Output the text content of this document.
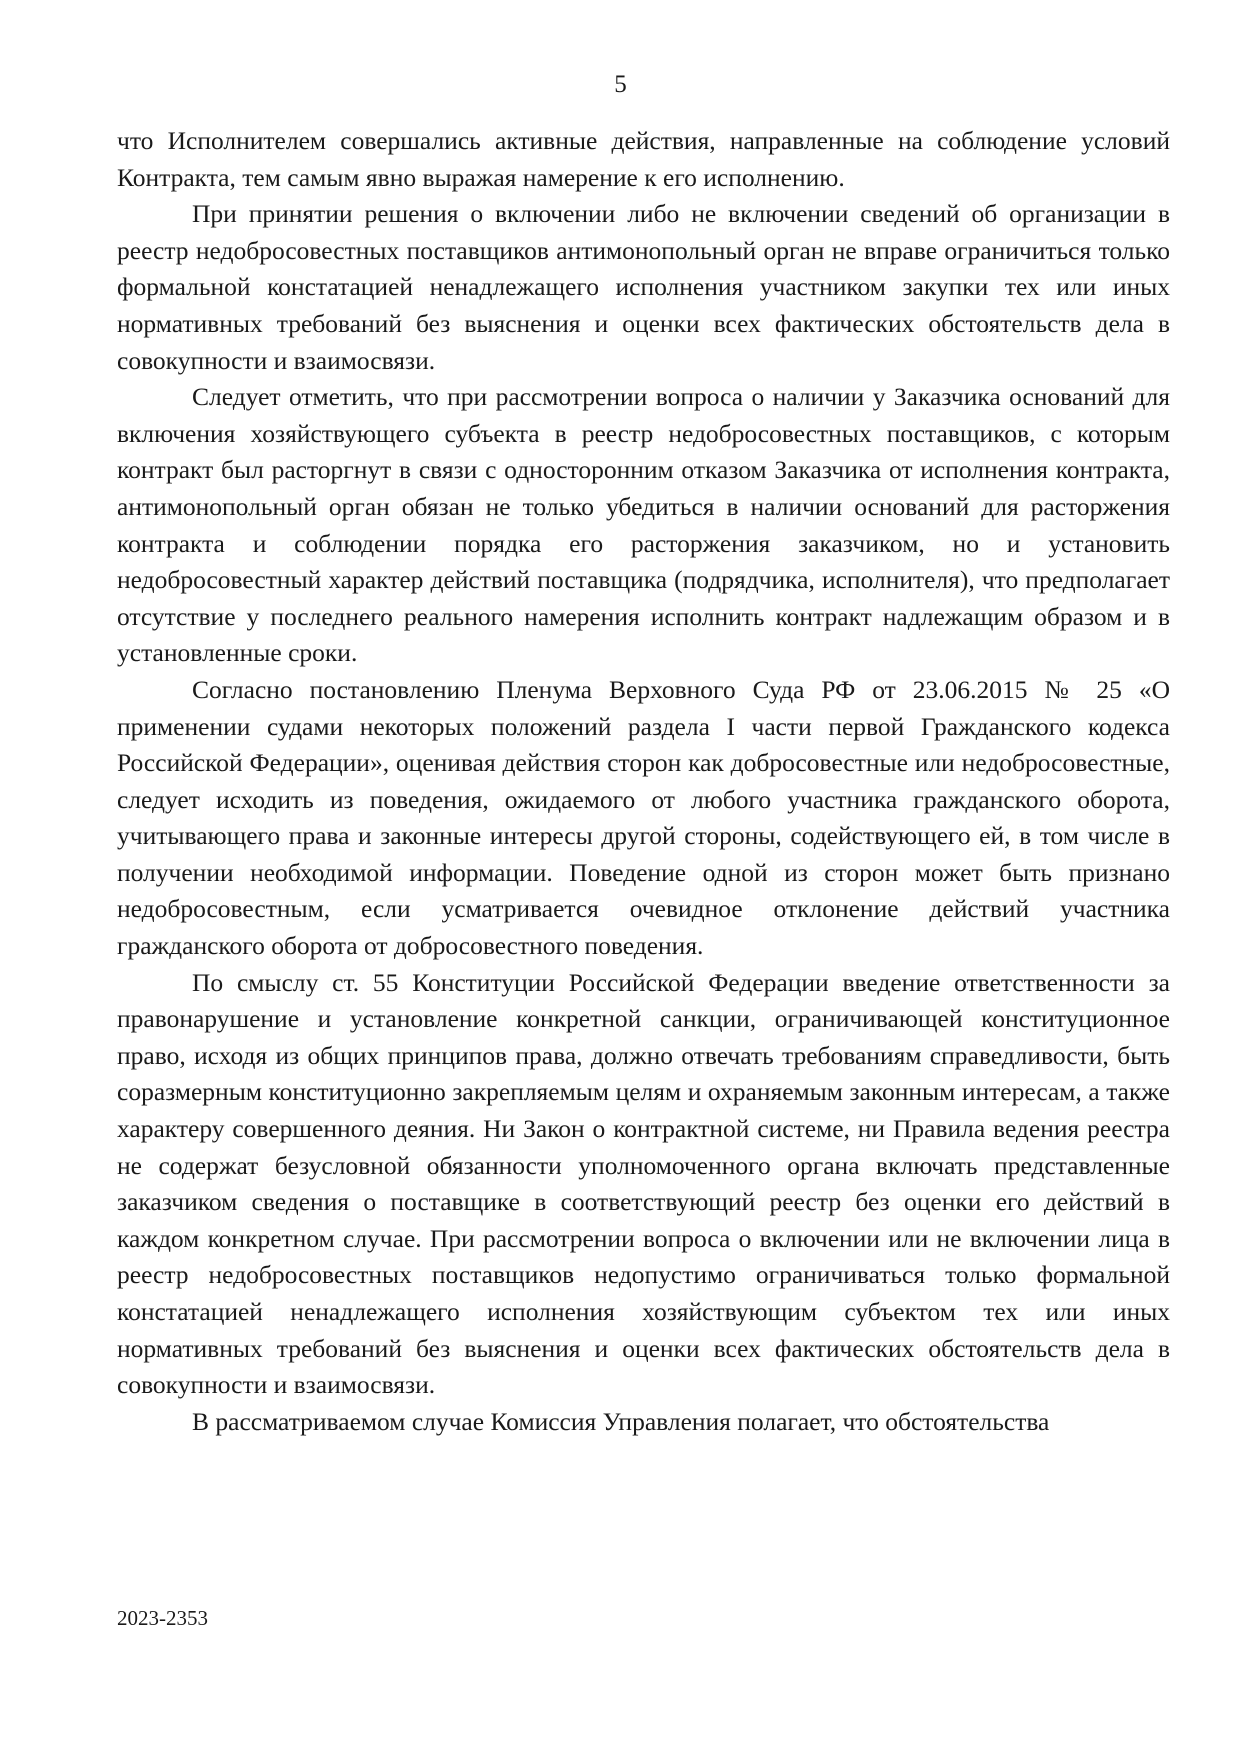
5

что Исполнителем совершались активные действия, направленные на соблюдение условий Контракта, тем самым явно выражая намерение к его исполнению.

При принятии решения о включении либо не включении сведений об организации в реестр недобросовестных поставщиков антимонопольный орган не вправе ограничиться только формальной констатацией ненадлежащего исполнения участником закупки тех или иных нормативных требований без выяснения и оценки всех фактических обстоятельств дела в совокупности и взаимосвязи.

Следует отметить, что при рассмотрении вопроса о наличии у Заказчика оснований для включения хозяйствующего субъекта в реестр недобросовестных поставщиков, с которым контракт был расторгнут в связи с односторонним отказом Заказчика от исполнения контракта, антимонопольный орган обязан не только убедиться в наличии оснований для расторжения контракта и соблюдении порядка его расторжения заказчиком, но и установить недобросовестный характер действий поставщика (подрядчика, исполнителя), что предполагает отсутствие у последнего реального намерения исполнить контракт надлежащим образом и в установленные сроки.

Согласно постановлению Пленума Верховного Суда РФ от 23.06.2015 № 25 «О применении судами некоторых положений раздела I части первой Гражданского кодекса Российской Федерации», оценивая действия сторон как добросовестные или недобросовестные, следует исходить из поведения, ожидаемого от любого участника гражданского оборота, учитывающего права и законные интересы другой стороны, содействующего ей, в том числе в получении необходимой информации. Поведение одной из сторон может быть признано недобросовестным, если усматривается очевидное отклонение действий участника гражданского оборота от добросовестного поведения.

По смыслу ст. 55 Конституции Российской Федерации введение ответственности за правонарушение и установление конкретной санкции, ограничивающей конституционное право, исходя из общих принципов права, должно отвечать требованиям справедливости, быть соразмерным конституционно закрепляемым целям и охраняемым законным интересам, а также характеру совершенного деяния. Ни Закон о контрактной системе, ни Правила ведения реестра не содержат безусловной обязанности уполномоченного органа включать представленные заказчиком сведения о поставщике в соответствующий реестр без оценки его действий в каждом конкретном случае. При рассмотрении вопроса о включении или не включении лица в реестр недобросовестных поставщиков недопустимо ограничиваться только формальной констатацией ненадлежащего исполнения хозяйствующим субъектом тех или иных нормативных требований без выяснения и оценки всех фактических обстоятельств дела в совокупности и взаимосвязи.

В рассматриваемом случае Комиссия Управления полагает, что обстоятельства

2023-2353
